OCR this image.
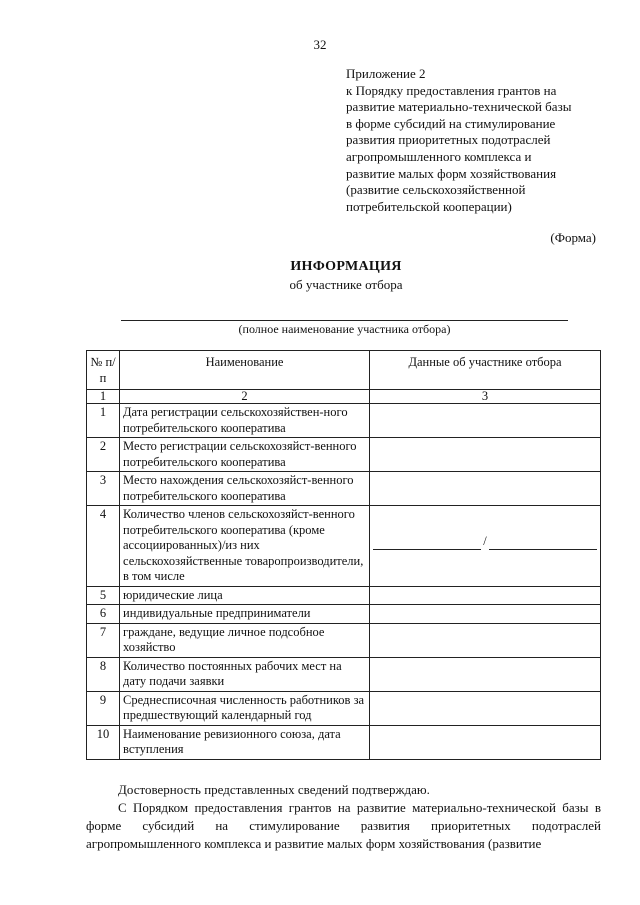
32
Приложение 2
к Порядку предоставления грантов на
развитие материально-технической базы
в форме субсидий на стимулирование
развития приоритетных подотраслей
агропромышленного комплекса и
развитие малых форм хозяйствования
(развитие сельскохозяйственной
потребительской кооперации)
(Форма)
ИНФОРМАЦИЯ
об участнике отбора
(полное наименование участника отбора)
№ п/п	Наименование	Данные об участнике отбора
1	2	3
1	Дата регистрации сельскохозяйствен-ного потребительского кооператива	
2	Место регистрации сельскохозяйст-венного потребительского кооператива	
3	Место нахождения сельскохозяйст-венного потребительского кооператива	
4	Количество членов сельскохозяйст-венного потребительского кооператива (кроме ассоциированных)/из них сельскохозяйственные товаропроизводители, в том числе	/

5	юридические лица	
6	индивидуальные предприниматели	
7	граждане, ведущие личное подсобное хозяйство	
8	Количество постоянных рабочих мест на дату подачи заявки	
9	Среднесписочная численность работников за предшествующий календарный год	
10	Наименование ревизионного союза, дата вступления	
Достоверность представленных сведений подтверждаю.
С Порядком предоставления грантов на развитие материально-технической базы в форме субсидий на стимулирование развития приоритетных подотраслей агропромышленного комплекса и развитие малых форм хозяйствования (развитие
